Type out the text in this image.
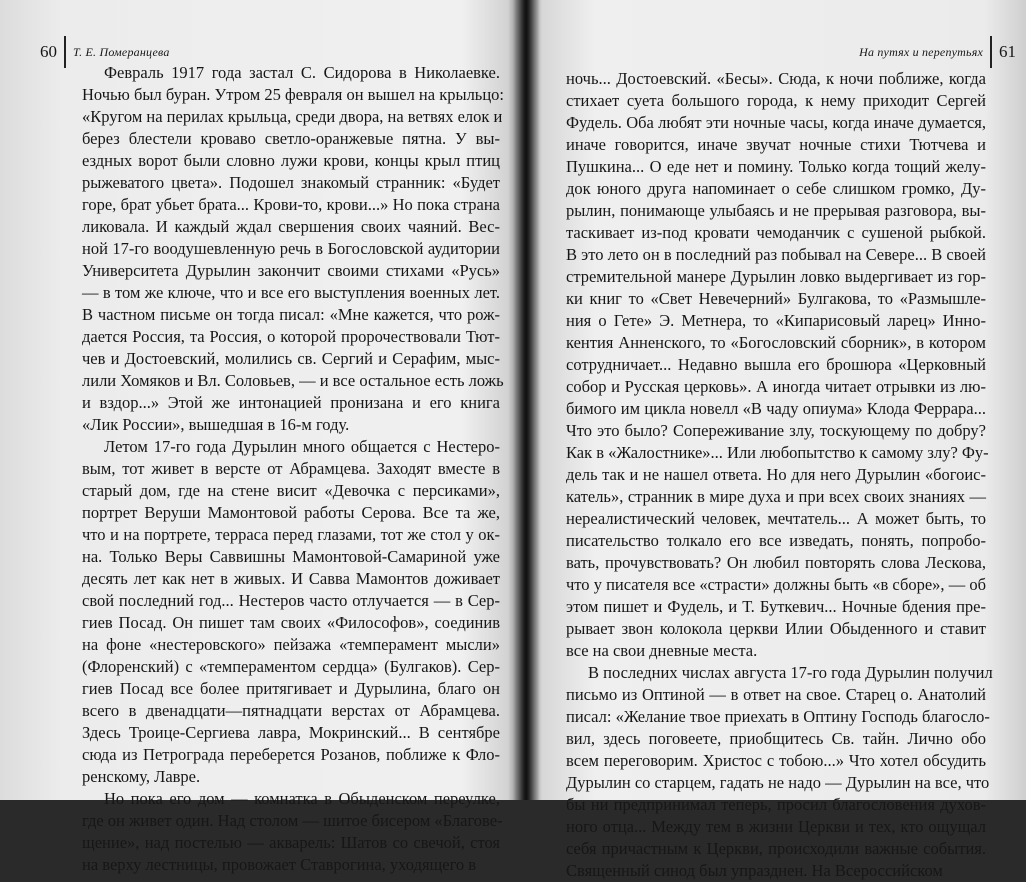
60 Т. Е. Померанцева
Февраль 1917 года застал С. Сидорова в Николаевке.
Ночью был буран. Утром 25 февраля он вышел на крыльцо:
«Кругом на перилах крыльца, среди двора, на ветвях елок и
берез блестели кроваво светло-оранжевые пятна. У вы-
ездных ворот были словно лужи крови, концы крыл птиц
рыжеватого цвета». Подошел знакомый странник: «Будет
горе, брат убьет брата... Крови-то, крови...» Но пока страна
ликовала. И каждый ждал свершения своих чаяний. Вес-
ной 17-го воодушевленную речь в Богословской аудитории
Университета Дурылин закончит своими стихами «Русь»
— в том же ключе, что и все его выступления военных лет.
В частном письме он тогда писал: «Мне кажется, что рож-
дается Россия, та Россия, о которой пророчествовали Тют-
чев и Достоевский, молились св. Сергий и Серафим, мыс-
лили Хомяков и Вл. Соловьев, — и все остальное есть ложь
и вздор...» Этой же интонацией пронизана и его книга
«Лик России», вышедшая в 16-м году.
Летом 17-го года Дурылин много общается с Нестеро-
вым, тот живет в версте от Абрамцева. Заходят вместе в
старый дом, где на стене висит «Девочка с персиками»,
портрет Веруши Мамонтовой работы Серова. Все та же,
что и на портрете, терраса перед глазами, тот же стол у ок-
на. Только Веры Саввишны Мамонтовой-Самариной уже
десять лет как нет в живых. И Савва Мамонтов доживает
свой последний год... Нестеров часто отлучается — в Сер-
гиев Посад. Он пишет там своих «Философов», соединив
на фоне «нестеровского» пейзажа «темперамент мысли»
(Флоренский) с «темпераментом сердца» (Булгаков). Сер-
гиев Посад все более притягивает и Дурылина, благо он
всего в двенадцати—пятнадцати верстах от Абрамцева.
Здесь Троице-Сергиева лавра, Мокринский... В сентябре
сюда из Петрограда переберется Розанов, поближе к Фло-
ренскому, Лавре.
Но пока его дом — комнатка в Обыденском переулке,
где он живет один. Над столом — шитое бисером «Благове-
щение», над постелью — акварель: Шатов со свечой, стоя
на верху лестницы, провожает Ставрогина, уходящего в
На путях и перепутьях 61
ночь... Достоевский. «Бесы». Сюда, к ночи поближе, когда
стихает суета большого города, к нему приходит Сергей
Фудель. Оба любят эти ночные часы, когда иначе думается,
иначе говорится, иначе звучат ночные стихи Тютчева и
Пушкина... О еде нет и помину. Только когда тощий желу-
док юного друга напоминает о себе слишком громко, Ду-
рылин, понимающе улыбаясь и не прерывая разговора, вы-
таскивает из-под кровати чемоданчик с сушеной рыбкой.
В это лето он в последний раз побывал на Севере... В своей
стремительной манере Дурылин ловко выдергивает из гор-
ки книг то «Свет Невечерний» Булгакова, то «Размышле-
ния о Гете» Э. Метнера, то «Кипарисовый ларец» Инно-
кентия Анненского, то «Богословский сборник», в котором
сотрудничает... Недавно вышла его брошюра «Церковный
собор и Русская церковь». А иногда читает отрывки из лю-
бимого им цикла новелл «В чаду опиума» Клода Феррара...
Что это было? Сопереживание злу, тоскующему по добру?
Как в «Жалостнике»... Или любопытство к самому злу? Фу-
дель так и не нашел ответа. Но для него Дурылин «богоис-
катель», странник в мире духа и при всех своих знаниях —
нереалистический человек, мечтатель... А может быть, то
писательство толкало его все изведать, понять, попробо-
вать, прочувствовать? Он любил повторять слова Лескова,
что у писателя все «страсти» должны быть «в сборе», — об
этом пишет и Фудель, и Т. Буткевич... Ночные бдения пре-
рывает звон колокола церкви Илии Обыденного и ставит
все на свои дневные места.
В последних числах августа 17-го года Дурылин получил
письмо из Оптиной — в ответ на свое. Старец о. Анатолий
писал: «Желание твое приехать в Оптину Господь благосло-
вил, здесь поговеете, приобщитесь Св. тайн. Лично обо
всем переговорим. Христос с тобою...» Что хотел обсудить
Дурылин со старцем, гадать не надо — Дурылин на все, что
бы ни предпринимал теперь, просил благословения духов-
ного отца... Между тем в жизни Церкви и тех, кто ощущал
себя причастным к Церкви, происходили важные события.
Священный синод был упразднен. На Всероссийском
